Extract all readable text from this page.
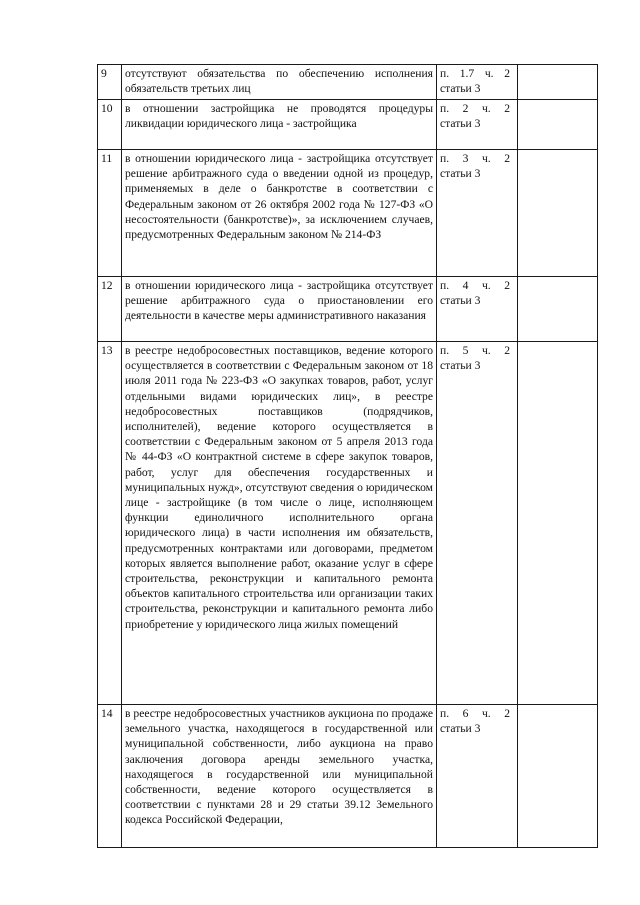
9	отсутствуют обязательства по обеспечению исполнения обязательств третьих лиц	п. 1.7 ч. 2
статьи 3	

10	в отношении застройщика не проводятся процедуры ликвидации юридического лица - застройщика	п. 2 ч. 2
статьи 3	

11	в отношении юридического лица - застройщика отсутствует решение арбитражного суда о введении одной из процедур, применяемых в деле о банкротстве в соответствии с Федеральным законом от 26 октября 2002 года № 127-ФЗ «О несостоятельности (банкротстве)», за исключением случаев, предусмотренных Федеральным законом № 214-ФЗ	п. 3 ч. 2
статьи 3	

12	в отношении юридического лица - застройщика отсутствует решение арбитражного суда о приостановлении его деятельности в качестве меры административного наказания	п. 4 ч. 2
статьи 3	

13	в реестре недобросовестных поставщиков, ведение которого осуществляется в соответствии с Федеральным законом от 18 июля 2011 года № 223-ФЗ «О закупках товаров, работ, услуг отдельными видами юридических лиц», в реестре недобросовестных поставщиков (подрядчиков, исполнителей), ведение которого осуществляется в соответствии с Федеральным законом от 5 апреля 2013 года № 44-ФЗ «О контрактной системе в сфере закупок товаров, работ, услуг для обеспечения государственных и муниципальных нужд», отсутствуют сведения о юридическом лице - застройщике (в том числе о лице, исполняющем функции единоличного исполнительного органа юридического лица) в части исполнения им обязательств, предусмотренных контрактами или договорами, предметом которых является выполнение работ, оказание услуг в сфере строительства, реконструкции и капитального ремонта объектов капитального строительства или организации таких строительства, реконструкции и капитального ремонта либо приобретение у юридического лица жилых помещений	п. 5 ч. 2
статьи 3	

14	в реестре недобросовестных участников аукциона по продаже земельного участка, находящегося в государственной или муниципальной собственности, либо аукциона на право заключения договора аренды земельного участка, находящегося в государственной или муниципальной собственности, ведение которого осуществляется в соответствии с пунктами 28 и 29 статьи 39.12 Земельного кодекса Российской Федерации,	п. 6 ч. 2
статьи 3	
